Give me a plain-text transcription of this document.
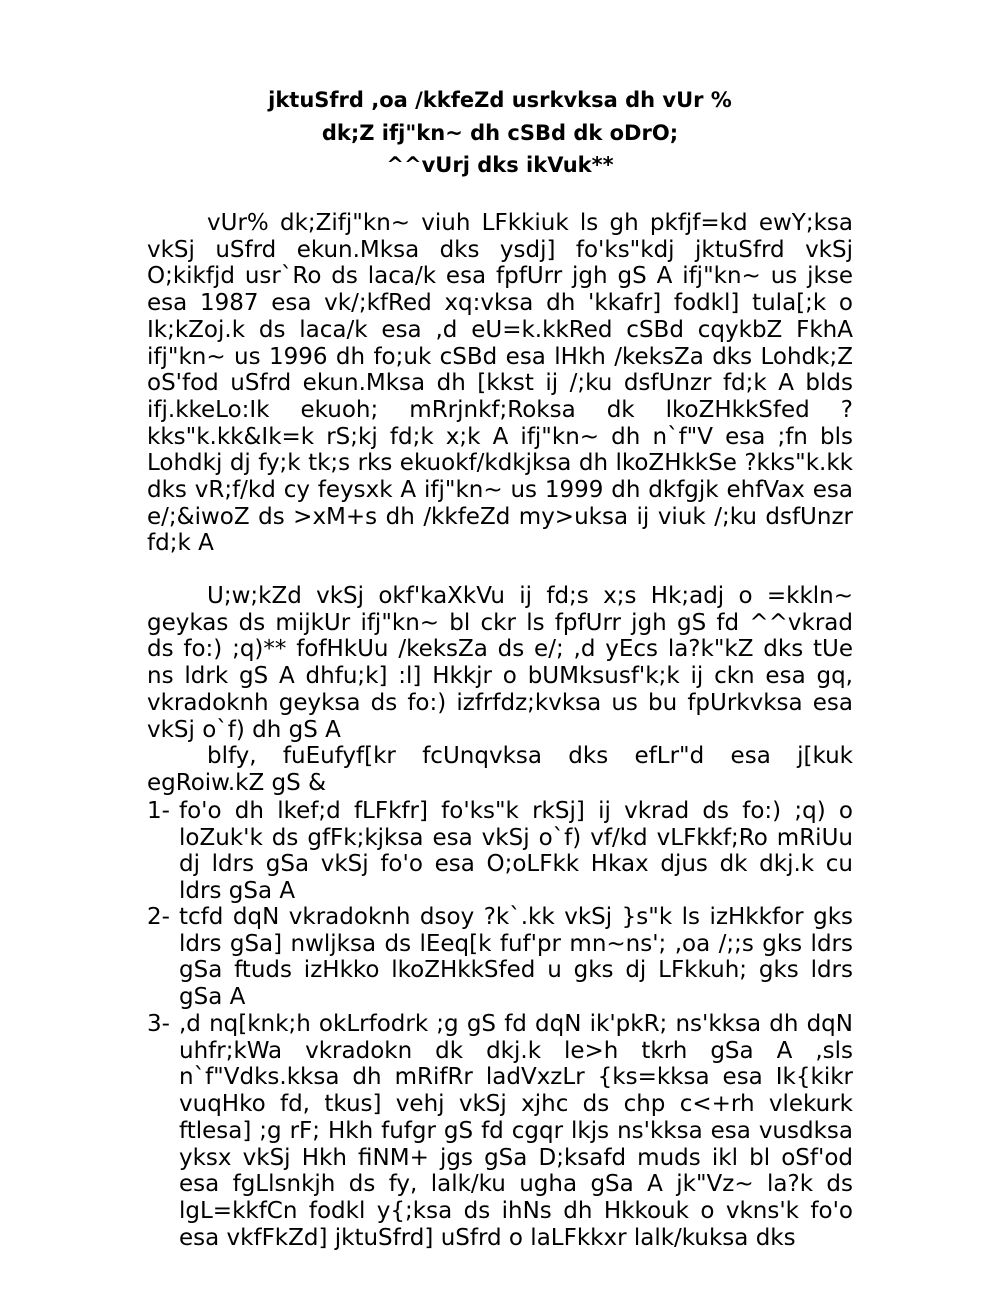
jktuSfrd ,oa /kkfeZd usrkvksa dh vUr %

dk;Z ifj"kn~ dh cSBd dk oDrO;

^^vUrj dks ikVuk**

vUr% dk;Zifj"kn~ viuh LFkkiuk ls gh pkfjf=kd ewY;ksa vkSj uSfrd ekun.Mksa dks ysdj] fo'ks"kdj jktuSfrd vkSj O;kikfjd usr`Ro ds laca/k esa fpfUrr jgh gS A ifj"kn~ us jkse esa 1987 esa vk/;kfRed xq:vksa dh 'kkafr] fodkl] tula[;k o Ik;kZoj.k ds laca/k esa ,d eU=k.kkRed cSBd cqykbZ FkhA ifj"kn~ us 1996 dh fo;uk cSBd esa lHkh /keksZa dks Lohdk;Z oS'fod uSfrd ekun.Mksa dh [kkst ij /;ku dsfUnzr fd;k A blds ifj.kkeLo:Ik ekuoh; mRrjnkf;Roksa dk lkoZHkkSfed ?kks"k.kk&Ik=k rS;kj fd;k x;k A ifj"kn~ dh n`f"V esa ;fn bls Lohdkj dj fy;k tk;s rks ekuokf/kdkjksa dh lkoZHkkSe ?kks"k.kk dks vR;f/kd cy feysxk A ifj"kn~ us 1999 dh dkfgjk ehfVax esa e/;&iwoZ ds >xM+s dh /kkfeZd my>uksa ij viuk /;ku dsfUnzr fd;k A

U;w;kZd vkSj okf'kaXkVu ij fd;s x;s Hk;adj o =kkln~ geykas ds mijkUr ifj"kn~ bl ckr ls fpfUrr jgh gS fd ^^vkrad ds fo:) ;q)** fofHkUu /keksZa ds e/; ,d yEcs la?k"kZ dks tUe ns ldrk gS A dhfu;k] :l] Hkkjr o bUMksusf'k;k ij ckn esa gq, vkradoknh geyksa ds fo:) izfrfdz;kvksa us bu fpUrkvksa esa vkSj o`f) dh gS A

blfy, fuEufyf[kr fcUnqvksa dks efLr"d esa j[kuk egRoiw.kZ gS &

1- fo'o dh lkef;d fLFkfr] fo'ks"k rkSj] ij vkrad ds fo:) ;q) o loZuk'k ds gfFk;kjksa esa vkSj o`f) vf/kd vLFkkf;Ro mRiUu dj ldrs gSa vkSj fo'o esa O;oLFkk Hkax djus dk dkj.k cu ldrs gSa A
2- tcfd dqN vkradoknh dsoy ?k`.kk vkSj }s"k ls izHkkfor gks ldrs gSa] nwljksa ds lEeq[k fuf'pr mn~ns'; ,oa /;;s gks ldrs gSa ftuds izHkko lkoZHkkSfed u gks dj LFkkuh; gks ldrs gSa A
3- ,d nq[knk;h okLrfodrk ;g gS fd dqN ik'pkR; ns'kksa dh dqN uhfr;kWa vkradokn dk dkj.k le>h tkrh gSa A ,sls n`f"Vdks.kksa dh mRifRr ladVxzLr {ks=kksa esa Ik{kikr vuqHko fd, tkus] vehj vkSj xjhc ds chp c<+rh vlekurk ftlesa] ;g rF; Hkh fufgr gS fd cgqr lkjs ns'kksa esa vusdksa yksx vkSj Hkh fiNM+ jgs gSa D;ksafd muds ikl bl oSf'od esa fgLlsnkjh ds fy, lalk/ku ugha gSa A jk"Vz~ la?k ds lgL=kkfCn fodkl y{;ksa ds ihNs dh Hkkouk o vkns'k fo'o esa vkfFkZd] jktuSfrd] uSfrd o laLFkkxr lalk/kuksa dks
